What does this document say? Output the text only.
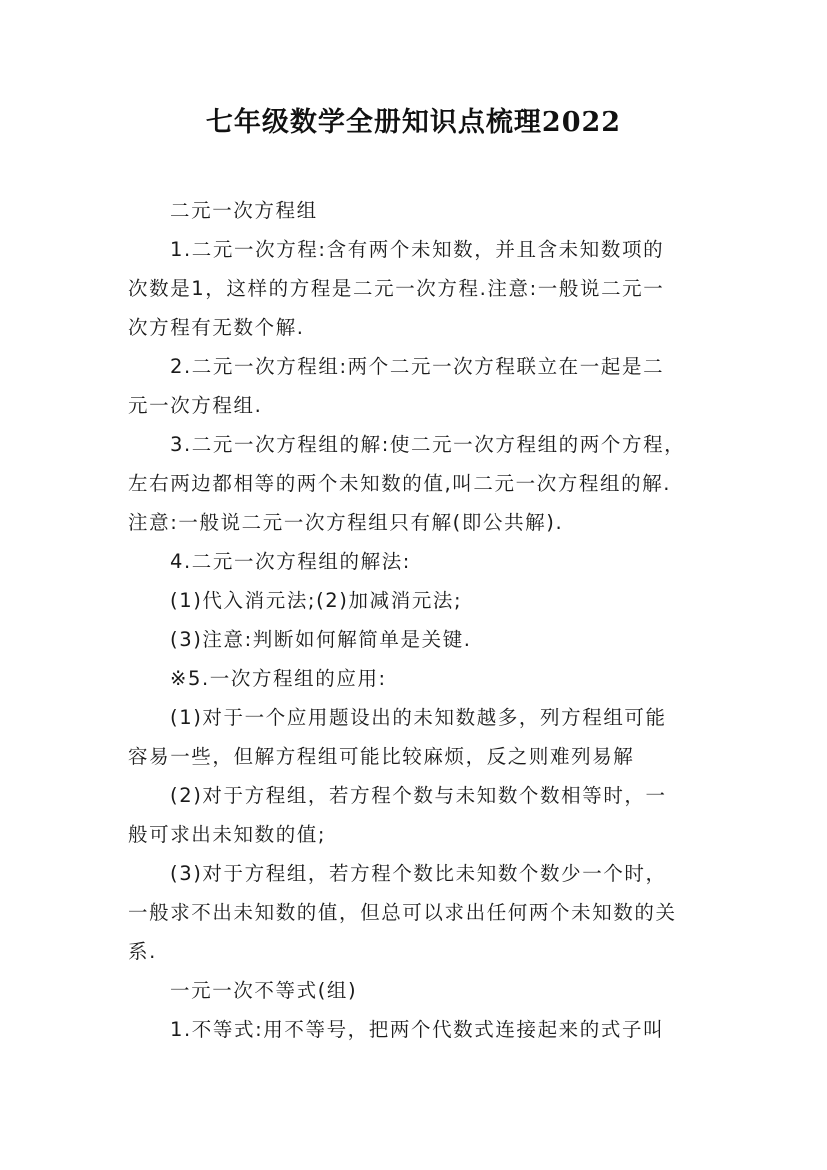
七年级数学全册知识点梳理2022
二元一次方程组
1.二元一次方程:含有两个未知数，并且含未知数项的
次数是1，这样的方程是二元一次方程.注意:一般说二元一
次方程有无数个解.
2.二元一次方程组:两个二元一次方程联立在一起是二
元一次方程组.
3.二元一次方程组的解:使二元一次方程组的两个方程，
左右两边都相等的两个未知数的值,叫二元一次方程组的解.
注意:一般说二元一次方程组只有解(即公共解).
4.二元一次方程组的解法:
(1)代入消元法;(2)加减消元法;
(3)注意:判断如何解简单是关键.
※5.一次方程组的应用:
(1)对于一个应用题设出的未知数越多，列方程组可能
容易一些，但解方程组可能比较麻烦，反之则难列易解
(2)对于方程组，若方程个数与未知数个数相等时，一
般可求出未知数的值;
(3)对于方程组，若方程个数比未知数个数少一个时，
一般求不出未知数的值，但总可以求出任何两个未知数的关
系.
一元一次不等式(组)
1.不等式:用不等号，把两个代数式连接起来的式子叫
